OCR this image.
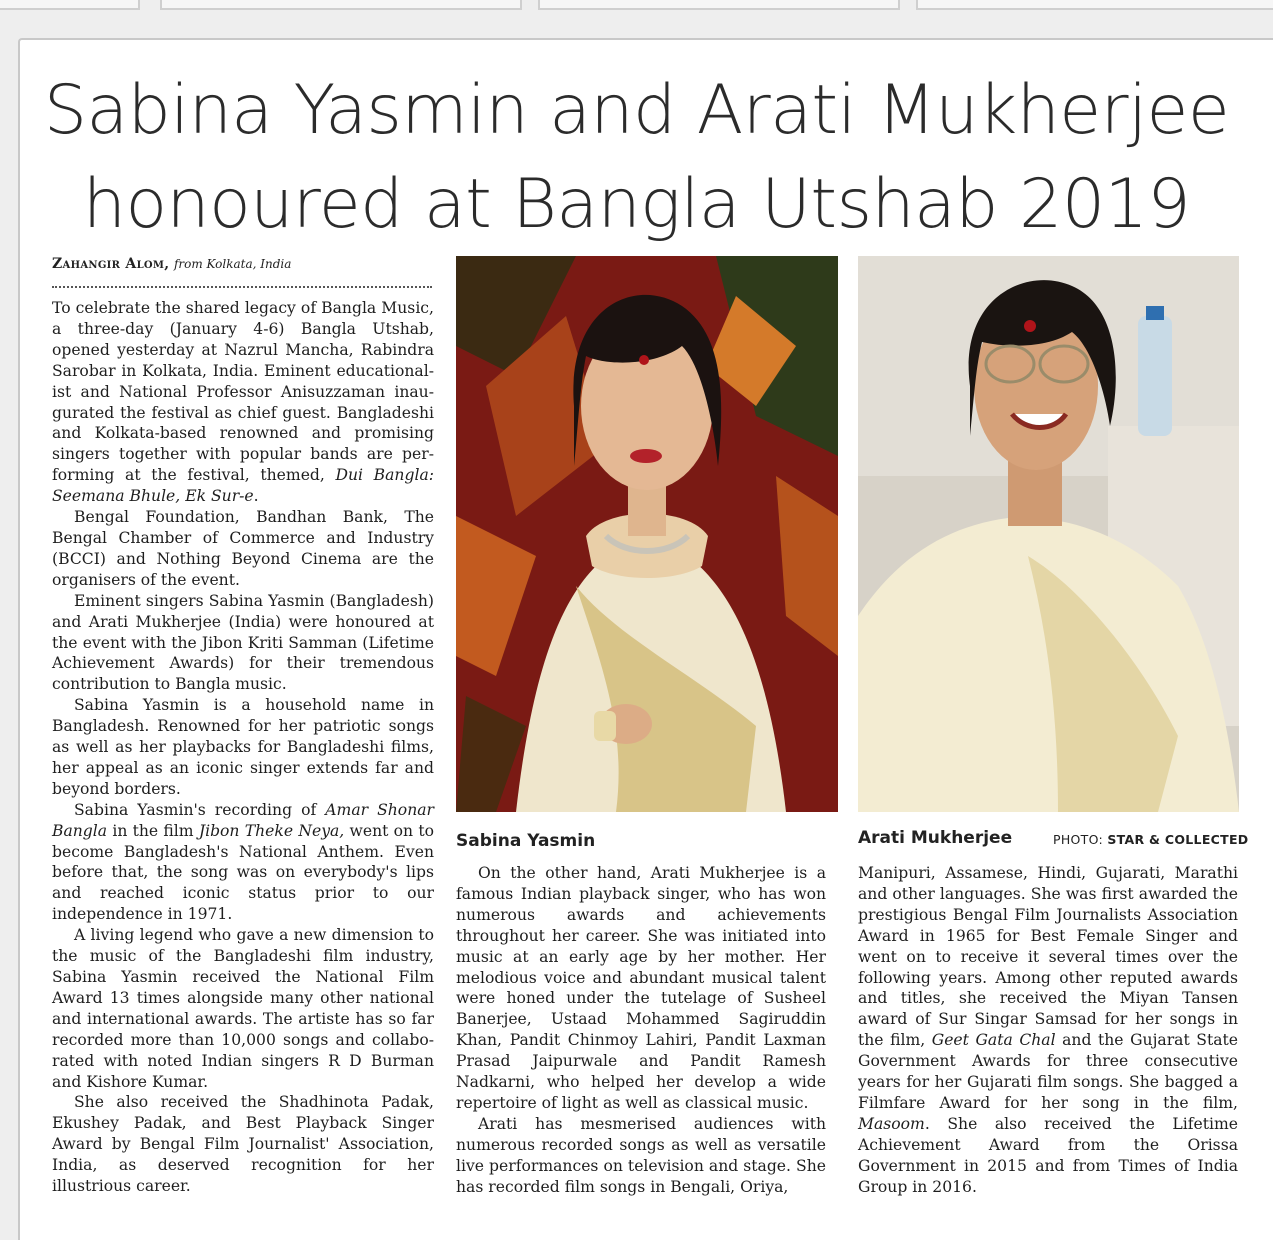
Sabina Yasmin and Arati Mukherjee
honoured at Bangla Utshab 2019
Zahangir Alom, from Kolkata, India

To celebrate the shared legacy of Bangla Music, a three-day (January 4-6) Bangla Utshab, opened yesterday at Nazrul Mancha, Rabindra Sarobar in Kolkata, India. Eminent educationalist and National Professor Anisuzzaman inaugurated the festival as chief guest. Bangladeshi and Kolkata-based renowned and promising singers together with popular bands are performing at the festival, themed, Dui Bangla: Seemana Bhule, Ek Sur-e.

Bengal Foundation, Bandhan Bank, The Bengal Chamber of Commerce and Industry (BCCI) and Nothing Beyond Cinema are the organisers of the event.

Eminent singers Sabina Yasmin (Bangladesh) and Arati Mukherjee (India) were honoured at the event with the Jibon Kriti Samman (Lifetime Achievement Awards) for their tremendous contribution to Bangla music.

Sabina Yasmin is a household name in Bangladesh. Renowned for her patriotic songs as well as her playbacks for Bangladeshi films, her appeal as an iconic singer extends far and beyond borders.

Sabina Yasmin's recording of Amar Shonar Bangla in the film Jibon Theke Neya, went on to become Bangladesh's National Anthem. Even before that, the song was on everybody's lips and reached iconic status prior to our independence in 1971.

A living legend who gave a new dimension to the music of the Bangladeshi film industry, Sabina Yasmin received the National Film Award 13 times alongside many other national and international awards. The artiste has so far recorded more than 10,000 songs and collaborated with noted Indian singers R D Burman and Kishore Kumar.

She also received the Shadhinota Padak, Ekushey Padak, and Best Playback Singer Award by Bengal Film Journalist' Association, India, as deserved recognition for her illustrious career.

Sabina Yasmin	Arati Mukherjee	PHOTO: STAR & COLLECTED

On the other hand, Arati Mukherjee is a famous Indian playback singer, who has won numerous awards and achievements throughout her career. She was initiated into music at an early age by her mother. Her melodious voice and abundant musical talent were honed under the tutelage of Susheel Banerjee, Ustaad Mohammed Sagiruddin Khan, Pandit Chinmoy Lahiri, Pandit Laxman Prasad Jaipurwale and Pandit Ramesh Nadkarni, who helped her develop a wide repertoire of light as well as classical music.

Arati has mesmerised audiences with numerous recorded songs as well as versatile live performances on television and stage. She has recorded film songs in Bengali, Oriya,

Manipuri, Assamese, Hindi, Gujarati, Marathi and other languages. She was first awarded the prestigious Bengal Film Journalists Association Award in 1965 for Best Female Singer and went on to receive it several times over the following years. Among other reputed awards and titles, she received the Miyan Tansen award of Sur Singar Samsad for her songs in the film, Geet Gata Chal and the Gujarat State Government Awards for three consecutive years for her Gujarati film songs. She bagged a Filmfare Award for her song in the film, Masoom. She also received the Lifetime Achievement Award from the Orissa Government in 2015 and from Times of India Group in 2016.
